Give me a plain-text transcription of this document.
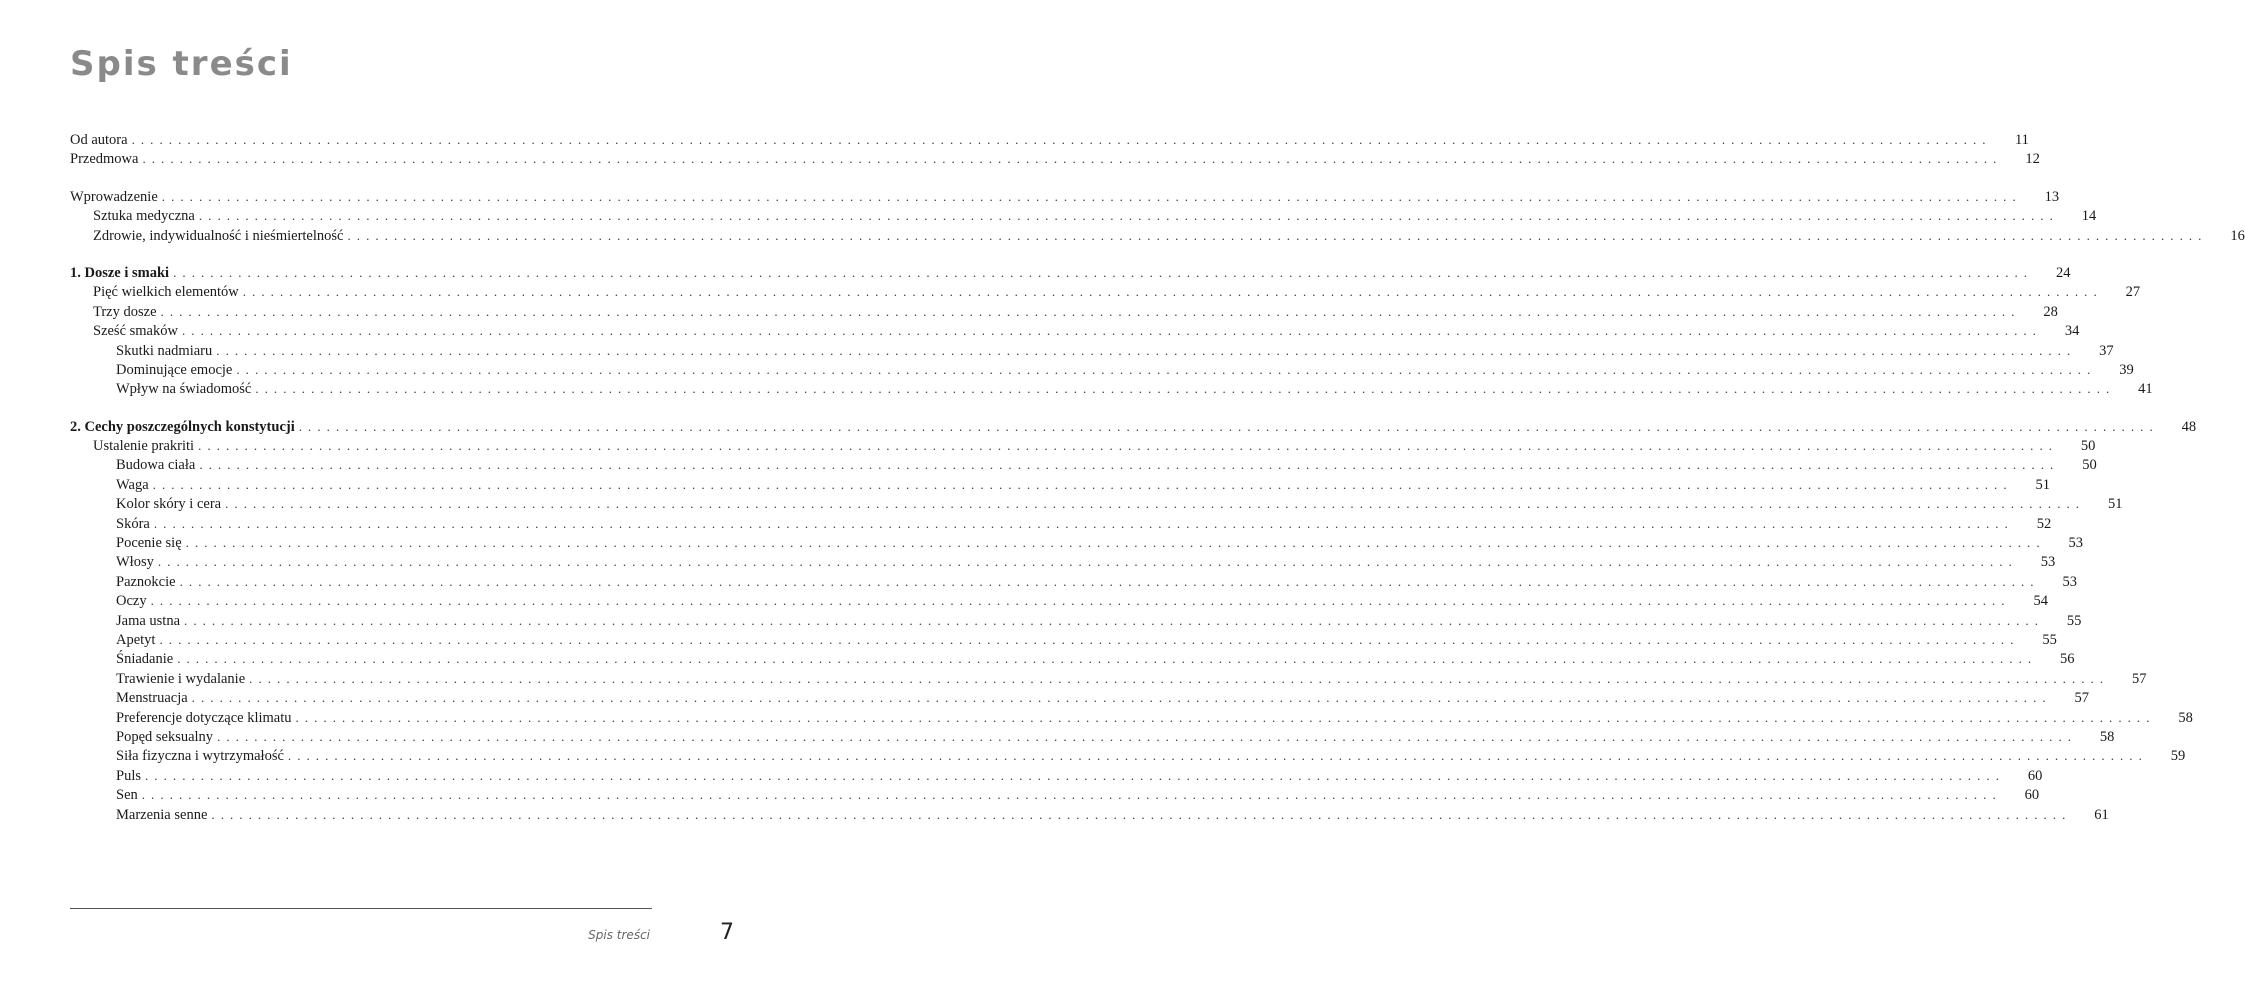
Spis treści
Od autora . . . . . . . . . . . . . . . . . . . . . . . . . . . . . . . . . . . . . . . . . . . . . . . . . . . . . . . . . . . . . . . . . . . . . . . . . . . . . . . . . . . . . . . . . . . . . . . . . . . . . . . . . . . . . . . . . . . . . . . . . . . . . . . . . . . . . . . . . . . . . . . . . . . . . . . . . . . . . . . . . . . . . . . . . . . . . . . . . . . . . . . . . . . . . . . . . . . . . . . .	11
Przedmowa . . . . . . . . . . . . . . . . . . . . . . . . . . . . . . . . . . . . . . . . . . . . . . . . . . . . . . . . . . . . . . . . . . . . . . . . . . . . . . . . . . . . . . . . . . . . . . . . . . . . . . . . . . . . . . . . . . . . . . . . . . . . . . . . . . . . . . . . . . . . . . . . . . . . . . . . . . . . . . . . . . . . . . . . . . . . . . . . . . . . . . . . . . . . . . . . . . . . . . . .	12
Wprowadzenie . . . . . . . . . . . . . . . . . . . . . . . . . . . . . . . . . . . . . . . . . . . . . . . . . . . . . . . . . . . . . . . . . . . . . . . . . . . . . . . . . . . . . . . . . . . . . . . . . . . . . . . . . . . . . . . . . . . . . . . . . . . . . . . . . . . . . . . . . . . . . . . . . . . . . . . . . . . . . . . . . . . . . . . . . . . . . . . . . . . . . . . . . . . . . . . . . . . . . . . .	13
Sztuka medyczna . . . . . . . . . . . . . . . . . . . . . . . . . . . . . . . . . . . . . . . . . . . . . . . . . . . . . . . . . . . . . . . . . . . . . . . . . . . . . . . . . . . . . . . . . . . . . . . . . . . . . . . . . . . . . . . . . . . . . . . . . . . . . . . . . . . . . . . . . . . . . . . . . . . . . . . . . . . . . . . . . . . . . . . . . . . . . . . . . . . . . . . . . . . . . . . . . . . . . . . .	14
Zdrowie, indywidualność i nieśmiertelność . . . . . . . . . . . . . . . . . . . . . . . . . . . . . . . . . . . . . . . . . . . . . . . . . . . . . . . . . . . . . . . . . . . . . . . . . . . . . . . . . . . . . . . . . . . . . . . . . . . . . . . . . . . . . . . . . . . . . . . . . . . . . . . . . . . . . . . . . . . . . . . . . . . . . . . . . . . . . . . . . . . . . . . . . . . . . . . . . . . . . . . . . . . . . . . . . . . . . . . .	16
1. Dosze i smaki . . . . . . . . . . . . . . . . . . . . . . . . . . . . . . . . . . . . . . . . . . . . . . . . . . . . . . . . . . . . . . . . . . . . . . . . . . . . . . . . . . . . . . . . . . . . . . . . . . . . . . . . . . . . . . . . . . . . . . . . . . . . . . . . . . . . . . . . . . . . . . . . . . . . . . . . . . . . . . . . . . . . . . . . . . . . . . . . . . . . . . . . . . . . . . . . . . . . . . . .	24
Pięć wielkich elementów . . . . . . . . . . . . . . . . . . . . . . . . . . . . . . . . . . . . . . . . . . . . . . . . . . . . . . . . . . . . . . . . . . . . . . . . . . . . . . . . . . . . . . . . . . . . . . . . . . . . . . . . . . . . . . . . . . . . . . . . . . . . . . . . . . . . . . . . . . . . . . . . . . . . . . . . . . . . . . . . . . . . . . . . . . . . . . . . . . . . . . . . . . . . . . . . . . . . . . . .	27
Trzy dosze . . . . . . . . . . . . . . . . . . . . . . . . . . . . . . . . . . . . . . . . . . . . . . . . . . . . . . . . . . . . . . . . . . . . . . . . . . . . . . . . . . . . . . . . . . . . . . . . . . . . . . . . . . . . . . . . . . . . . . . . . . . . . . . . . . . . . . . . . . . . . . . . . . . . . . . . . . . . . . . . . . . . . . . . . . . . . . . . . . . . . . . . . . . . . . . . . . . . . . . .	28
Sześć smaków . . . . . . . . . . . . . . . . . . . . . . . . . . . . . . . . . . . . . . . . . . . . . . . . . . . . . . . . . . . . . . . . . . . . . . . . . . . . . . . . . . . . . . . . . . . . . . . . . . . . . . . . . . . . . . . . . . . . . . . . . . . . . . . . . . . . . . . . . . . . . . . . . . . . . . . . . . . . . . . . . . . . . . . . . . . . . . . . . . . . . . . . . . . . . . . . . . . . . . . .	34
Skutki nadmiaru . . . . . . . . . . . . . . . . . . . . . . . . . . . . . . . . . . . . . . . . . . . . . . . . . . . . . . . . . . . . . . . . . . . . . . . . . . . . . . . . . . . . . . . . . . . . . . . . . . . . . . . . . . . . . . . . . . . . . . . . . . . . . . . . . . . . . . . . . . . . . . . . . . . . . . . . . . . . . . . . . . . . . . . . . . . . . . . . . . . . . . . . . . . . . . . . . . . . . . . .	37
Dominujące emocje . . . . . . . . . . . . . . . . . . . . . . . . . . . . . . . . . . . . . . . . . . . . . . . . . . . . . . . . . . . . . . . . . . . . . . . . . . . . . . . . . . . . . . . . . . . . . . . . . . . . . . . . . . . . . . . . . . . . . . . . . . . . . . . . . . . . . . . . . . . . . . . . . . . . . . . . . . . . . . . . . . . . . . . . . . . . . . . . . . . . . . . . . . . . . . . . . . . . . . . .	39
Wpływ na świadomość . . . . . . . . . . . . . . . . . . . . . . . . . . . . . . . . . . . . . . . . . . . . . . . . . . . . . . . . . . . . . . . . . . . . . . . . . . . . . . . . . . . . . . . . . . . . . . . . . . . . . . . . . . . . . . . . . . . . . . . . . . . . . . . . . . . . . . . . . . . . . . . . . . . . . . . . . . . . . . . . . . . . . . . . . . . . . . . . . . . . . . . . . . . . . . . . . . . . . . . .	41
2. Cechy poszczególnych konstytucji . . . . . . . . . . . . . . . . . . . . . . . . . . . . . . . . . . . . . . . . . . . . . . . . . . . . . . . . . . . . . . . . . . . . . . . . . . . . . . . . . . . . . . . . . . . . . . . . . . . . . . . . . . . . . . . . . . . . . . . . . . . . . . . . . . . . . . . . . . . . . . . . . . . . . . . . . . . . . . . . . . . . . . . . . . . . . . . . . . . . . . . . . . . . . . . . . . . . . . . .	48
Ustalenie prakriti . . . . . . . . . . . . . . . . . . . . . . . . . . . . . . . . . . . . . . . . . . . . . . . . . . . . . . . . . . . . . . . . . . . . . . . . . . . . . . . . . . . . . . . . . . . . . . . . . . . . . . . . . . . . . . . . . . . . . . . . . . . . . . . . . . . . . . . . . . . . . . . . . . . . . . . . . . . . . . . . . . . . . . . . . . . . . . . . . . . . . . . . . . . . . . . . . . . . . . . .	50
Budowa ciała . . . . . . . . . . . . . . . . . . . . . . . . . . . . . . . . . . . . . . . . . . . . . . . . . . . . . . . . . . . . . . . . . . . . . . . . . . . . . . . . . . . . . . . . . . . . . . . . . . . . . . . . . . . . . . . . . . . . . . . . . . . . . . . . . . . . . . . . . . . . . . . . . . . . . . . . . . . . . . . . . . . . . . . . . . . . . . . . . . . . . . . . . . . . . . . . . . . . . . . .	50
Waga . . . . . . . . . . . . . . . . . . . . . . . . . . . . . . . . . . . . . . . . . . . . . . . . . . . . . . . . . . . . . . . . . . . . . . . . . . . . . . . . . . . . . . . . . . . . . . . . . . . . . . . . . . . . . . . . . . . . . . . . . . . . . . . . . . . . . . . . . . . . . . . . . . . . . . . . . . . . . . . . . . . . . . . . . . . . . . . . . . . . . . . . . . . . . . . . . . . . . . . .	51
Kolor skóry i cera . . . . . . . . . . . . . . . . . . . . . . . . . . . . . . . . . . . . . . . . . . . . . . . . . . . . . . . . . . . . . . . . . . . . . . . . . . . . . . . . . . . . . . . . . . . . . . . . . . . . . . . . . . . . . . . . . . . . . . . . . . . . . . . . . . . . . . . . . . . . . . . . . . . . . . . . . . . . . . . . . . . . . . . . . . . . . . . . . . . . . . . . . . . . . . . . . . . . . . . .	51
Skóra . . . . . . . . . . . . . . . . . . . . . . . . . . . . . . . . . . . . . . . . . . . . . . . . . . . . . . . . . . . . . . . . . . . . . . . . . . . . . . . . . . . . . . . . . . . . . . . . . . . . . . . . . . . . . . . . . . . . . . . . . . . . . . . . . . . . . . . . . . . . . . . . . . . . . . . . . . . . . . . . . . . . . . . . . . . . . . . . . . . . . . . . . . . . . . . . . . . . . . . .	52
Pocenie się . . . . . . . . . . . . . . . . . . . . . . . . . . . . . . . . . . . . . . . . . . . . . . . . . . . . . . . . . . . . . . . . . . . . . . . . . . . . . . . . . . . . . . . . . . . . . . . . . . . . . . . . . . . . . . . . . . . . . . . . . . . . . . . . . . . . . . . . . . . . . . . . . . . . . . . . . . . . . . . . . . . . . . . . . . . . . . . . . . . . . . . . . . . . . . . . . . . . . . . .	53
Włosy . . . . . . . . . . . . . . . . . . . . . . . . . . . . . . . . . . . . . . . . . . . . . . . . . . . . . . . . . . . . . . . . . . . . . . . . . . . . . . . . . . . . . . . . . . . . . . . . . . . . . . . . . . . . . . . . . . . . . . . . . . . . . . . . . . . . . . . . . . . . . . . . . . . . . . . . . . . . . . . . . . . . . . . . . . . . . . . . . . . . . . . . . . . . . . . . . . . . . . . .	53
Paznokcie . . . . . . . . . . . . . . . . . . . . . . . . . . . . . . . . . . . . . . . . . . . . . . . . . . . . . . . . . . . . . . . . . . . . . . . . . . . . . . . . . . . . . . . . . . . . . . . . . . . . . . . . . . . . . . . . . . . . . . . . . . . . . . . . . . . . . . . . . . . . . . . . . . . . . . . . . . . . . . . . . . . . . . . . . . . . . . . . . . . . . . . . . . . . . . . . . . . . . . . .	53
Oczy . . . . . . . . . . . . . . . . . . . . . . . . . . . . . . . . . . . . . . . . . . . . . . . . . . . . . . . . . . . . . . . . . . . . . . . . . . . . . . . . . . . . . . . . . . . . . . . . . . . . . . . . . . . . . . . . . . . . . . . . . . . . . . . . . . . . . . . . . . . . . . . . . . . . . . . . . . . . . . . . . . . . . . . . . . . . . . . . . . . . . . . . . . . . . . . . . . . . . . . .	54
Jama ustna . . . . . . . . . . . . . . . . . . . . . . . . . . . . . . . . . . . . . . . . . . . . . . . . . . . . . . . . . . . . . . . . . . . . . . . . . . . . . . . . . . . . . . . . . . . . . . . . . . . . . . . . . . . . . . . . . . . . . . . . . . . . . . . . . . . . . . . . . . . . . . . . . . . . . . . . . . . . . . . . . . . . . . . . . . . . . . . . . . . . . . . . . . . . . . . . . . . . . . . .	55
Apetyt . . . . . . . . . . . . . . . . . . . . . . . . . . . . . . . . . . . . . . . . . . . . . . . . . . . . . . . . . . . . . . . . . . . . . . . . . . . . . . . . . . . . . . . . . . . . . . . . . . . . . . . . . . . . . . . . . . . . . . . . . . . . . . . . . . . . . . . . . . . . . . . . . . . . . . . . . . . . . . . . . . . . . . . . . . . . . . . . . . . . . . . . . . . . . . . . . . . . . . . .	55
Śniadanie . . . . . . . . . . . . . . . . . . . . . . . . . . . . . . . . . . . . . . . . . . . . . . . . . . . . . . . . . . . . . . . . . . . . . . . . . . . . . . . . . . . . . . . . . . . . . . . . . . . . . . . . . . . . . . . . . . . . . . . . . . . . . . . . . . . . . . . . . . . . . . . . . . . . . . . . . . . . . . . . . . . . . . . . . . . . . . . . . . . . . . . . . . . . . . . . . . . . . . . .	56
Trawienie i wydalanie . . . . . . . . . . . . . . . . . . . . . . . . . . . . . . . . . . . . . . . . . . . . . . . . . . . . . . . . . . . . . . . . . . . . . . . . . . . . . . . . . . . . . . . . . . . . . . . . . . . . . . . . . . . . . . . . . . . . . . . . . . . . . . . . . . . . . . . . . . . . . . . . . . . . . . . . . . . . . . . . . . . . . . . . . . . . . . . . . . . . . . . . . . . . . . . . . . . . . . . .	57
Menstruacja . . . . . . . . . . . . . . . . . . . . . . . . . . . . . . . . . . . . . . . . . . . . . . . . . . . . . . . . . . . . . . . . . . . . . . . . . . . . . . . . . . . . . . . . . . . . . . . . . . . . . . . . . . . . . . . . . . . . . . . . . . . . . . . . . . . . . . . . . . . . . . . . . . . . . . . . . . . . . . . . . . . . . . . . . . . . . . . . . . . . . . . . . . . . . . . . . . . . . . . .	57
Preferencje dotyczące klimatu . . . . . . . . . . . . . . . . . . . . . . . . . . . . . . . . . . . . . . . . . . . . . . . . . . . . . . . . . . . . . . . . . . . . . . . . . . . . . . . . . . . . . . . . . . . . . . . . . . . . . . . . . . . . . . . . . . . . . . . . . . . . . . . . . . . . . . . . . . . . . . . . . . . . . . . . . . . . . . . . . . . . . . . . . . . . . . . . . . . . . . . . . . . . . . . . . . . . . . . .	58
Popęd seksualny . . . . . . . . . . . . . . . . . . . . . . . . . . . . . . . . . . . . . . . . . . . . . . . . . . . . . . . . . . . . . . . . . . . . . . . . . . . . . . . . . . . . . . . . . . . . . . . . . . . . . . . . . . . . . . . . . . . . . . . . . . . . . . . . . . . . . . . . . . . . . . . . . . . . . . . . . . . . . . . . . . . . . . . . . . . . . . . . . . . . . . . . . . . . . . . . . . . . . . . .	58
Siła fizyczna i wytrzymałość . . . . . . . . . . . . . . . . . . . . . . . . . . . . . . . . . . . . . . . . . . . . . . . . . . . . . . . . . . . . . . . . . . . . . . . . . . . . . . . . . . . . . . . . . . . . . . . . . . . . . . . . . . . . . . . . . . . . . . . . . . . . . . . . . . . . . . . . . . . . . . . . . . . . . . . . . . . . . . . . . . . . . . . . . . . . . . . . . . . . . . . . . . . . . . . . . . . . . . . .	59
Puls . . . . . . . . . . . . . . . . . . . . . . . . . . . . . . . . . . . . . . . . . . . . . . . . . . . . . . . . . . . . . . . . . . . . . . . . . . . . . . . . . . . . . . . . . . . . . . . . . . . . . . . . . . . . . . . . . . . . . . . . . . . . . . . . . . . . . . . . . . . . . . . . . . . . . . . . . . . . . . . . . . . . . . . . . . . . . . . . . . . . . . . . . . . . . . . . . . . . . . . .	60
Sen . . . . . . . . . . . . . . . . . . . . . . . . . . . . . . . . . . . . . . . . . . . . . . . . . . . . . . . . . . . . . . . . . . . . . . . . . . . . . . . . . . . . . . . . . . . . . . . . . . . . . . . . . . . . . . . . . . . . . . . . . . . . . . . . . . . . . . . . . . . . . . . . . . . . . . . . . . . . . . . . . . . . . . . . . . . . . . . . . . . . . . . . . . . . . . . . . . . . . . . .	60
Marzenia senne . . . . . . . . . . . . . . . . . . . . . . . . . . . . . . . . . . . . . . . . . . . . . . . . . . . . . . . . . . . . . . . . . . . . . . . . . . . . . . . . . . . . . . . . . . . . . . . . . . . . . . . . . . . . . . . . . . . . . . . . . . . . . . . . . . . . . . . . . . . . . . . . . . . . . . . . . . . . . . . . . . . . . . . . . . . . . . . . . . . . . . . . . . . . . . . . . . . . . . . .	61
Spis treści	7
